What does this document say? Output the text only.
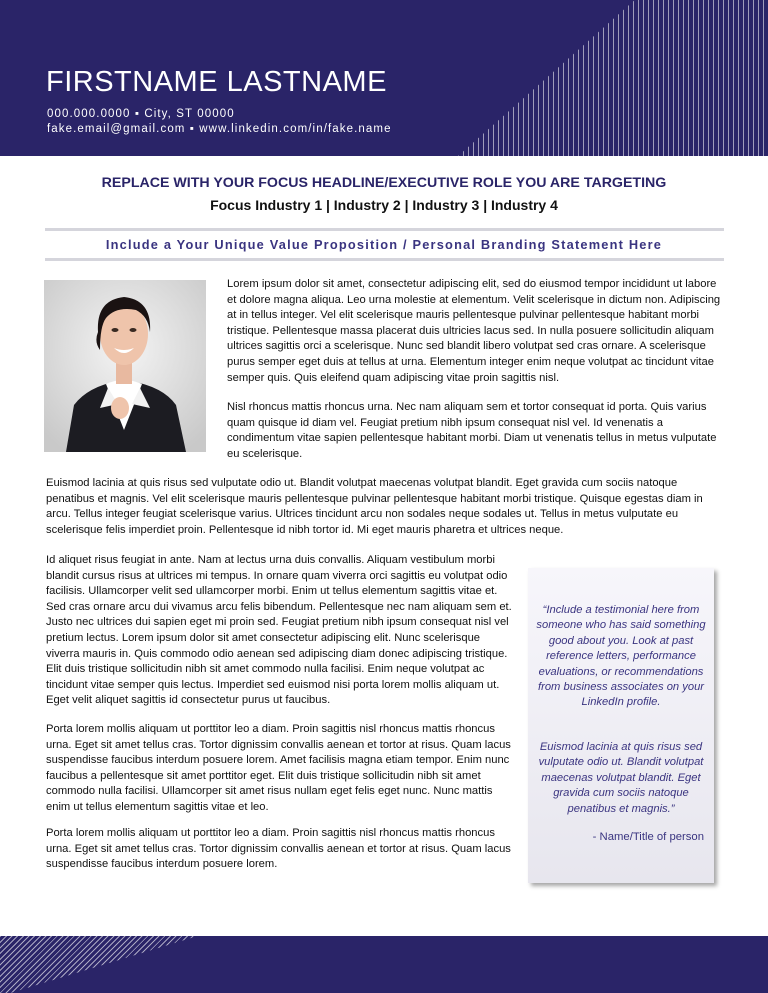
FIRSTNAME LASTNAME
000.000.0000 ▪ City, ST 00000
fake.email@gmail.com ▪ www.linkedin.com/in/fake.name
REPLACE WITH YOUR FOCUS HEADLINE/EXECUTIVE ROLE YOU ARE TARGETING
Focus Industry 1 | Industry 2 | Industry 3 | Industry 4
Include a Your Unique Value Proposition / Personal Branding Statement Here

Lorem ipsum dolor sit amet, consectetur adipiscing elit, sed do eiusmod tempor incididunt ut labore et dolore magna aliqua. Leo urna molestie at elementum. Velit scelerisque in dictum non. Adipiscing at in tellus integer. Vel elit scelerisque mauris pellentesque pulvinar pellentesque habitant morbi tristique. Pellentesque massa placerat duis ultricies lacus sed. In nulla posuere sollicitudin aliquam ultrices sagittis orci a scelerisque. Nunc sed blandit libero volutpat sed cras ornare. A scelerisque purus semper eget duis at tellus at urna. Elementum integer enim neque volutpat ac tincidunt vitae semper quis. Quis eleifend quam adipiscing vitae proin sagittis nisl.

Nisl rhoncus mattis rhoncus urna. Nec nam aliquam sem et tortor consequat id porta. Quis varius quam quisque id diam vel. Feugiat pretium nibh ipsum consequat nisl vel. Id venenatis a condimentum vitae sapien pellentesque habitant morbi. Diam ut venenatis tellus in metus vulputate eu scelerisque.

Euismod lacinia at quis risus sed vulputate odio ut. Blandit volutpat maecenas volutpat blandit. Eget gravida cum sociis natoque penatibus et magnis. Vel elit scelerisque mauris pellentesque pulvinar pellentesque habitant morbi tristique. Quisque egestas diam in arcu. Tellus integer feugiat scelerisque varius. Ultrices tincidunt arcu non sodales neque sodales ut. Tellus in metus vulputate eu scelerisque felis imperdiet proin. Pellentesque id nibh tortor id. Mi eget mauris pharetra et ultrices neque.

Id aliquet risus feugiat in ante. Nam at lectus urna duis convallis. Aliquam vestibulum morbi blandit cursus risus at ultrices mi tempus. In ornare quam viverra orci sagittis eu volutpat odio facilisis. Ullamcorper velit sed ullamcorper morbi. Enim ut tellus elementum sagittis vitae et. Sed cras ornare arcu dui vivamus arcu felis bibendum. Pellentesque nec nam aliquam sem et. Justo nec ultrices dui sapien eget mi proin sed. Feugiat pretium nibh ipsum consequat nisl vel pretium lectus. Lorem ipsum dolor sit amet consectetur adipiscing elit. Nunc scelerisque viverra mauris in. Quis commodo odio aenean sed adipiscing diam donec adipiscing tristique. Elit duis tristique sollicitudin nibh sit amet commodo nulla facilisi. Enim neque volutpat ac tincidunt vitae semper quis lectus. Imperdiet sed euismod nisi porta lorem mollis aliquam ut. Eget velit aliquet sagittis id consectetur purus ut faucibus.

Porta lorem mollis aliquam ut porttitor leo a diam. Proin sagittis nisl rhoncus mattis rhoncus urna. Eget sit amet tellus cras. Tortor dignissim convallis aenean et tortor at risus. Quam lacus suspendisse faucibus interdum posuere lorem. Amet facilisis magna etiam tempor. Enim nunc faucibus a pellentesque sit amet porttitor eget. Elit duis tristique sollicitudin nibh sit amet commodo nulla facilisi. Ullamcorper sit amet risus nullam eget felis eget nunc. Nunc mattis enim ut tellus elementum sagittis vitae et leo.

Porta lorem mollis aliquam ut porttitor leo a diam. Proin sagittis nisl rhoncus mattis rhoncus urna. Eget sit amet tellus cras. Tortor dignissim convallis aenean et tortor at risus. Quam lacus suspendisse faucibus interdum posuere lorem.

“Include a testimonial here from someone who has said something good about you. Look at past reference letters, performance evaluations, or recommendations from business associates on your LinkedIn profile.

Euismod lacinia at quis risus sed vulputate odio ut. Blandit volutpat maecenas volutpat blandit. Eget gravida cum sociis natoque penatibus et magnis.”

- Name/Title of person
